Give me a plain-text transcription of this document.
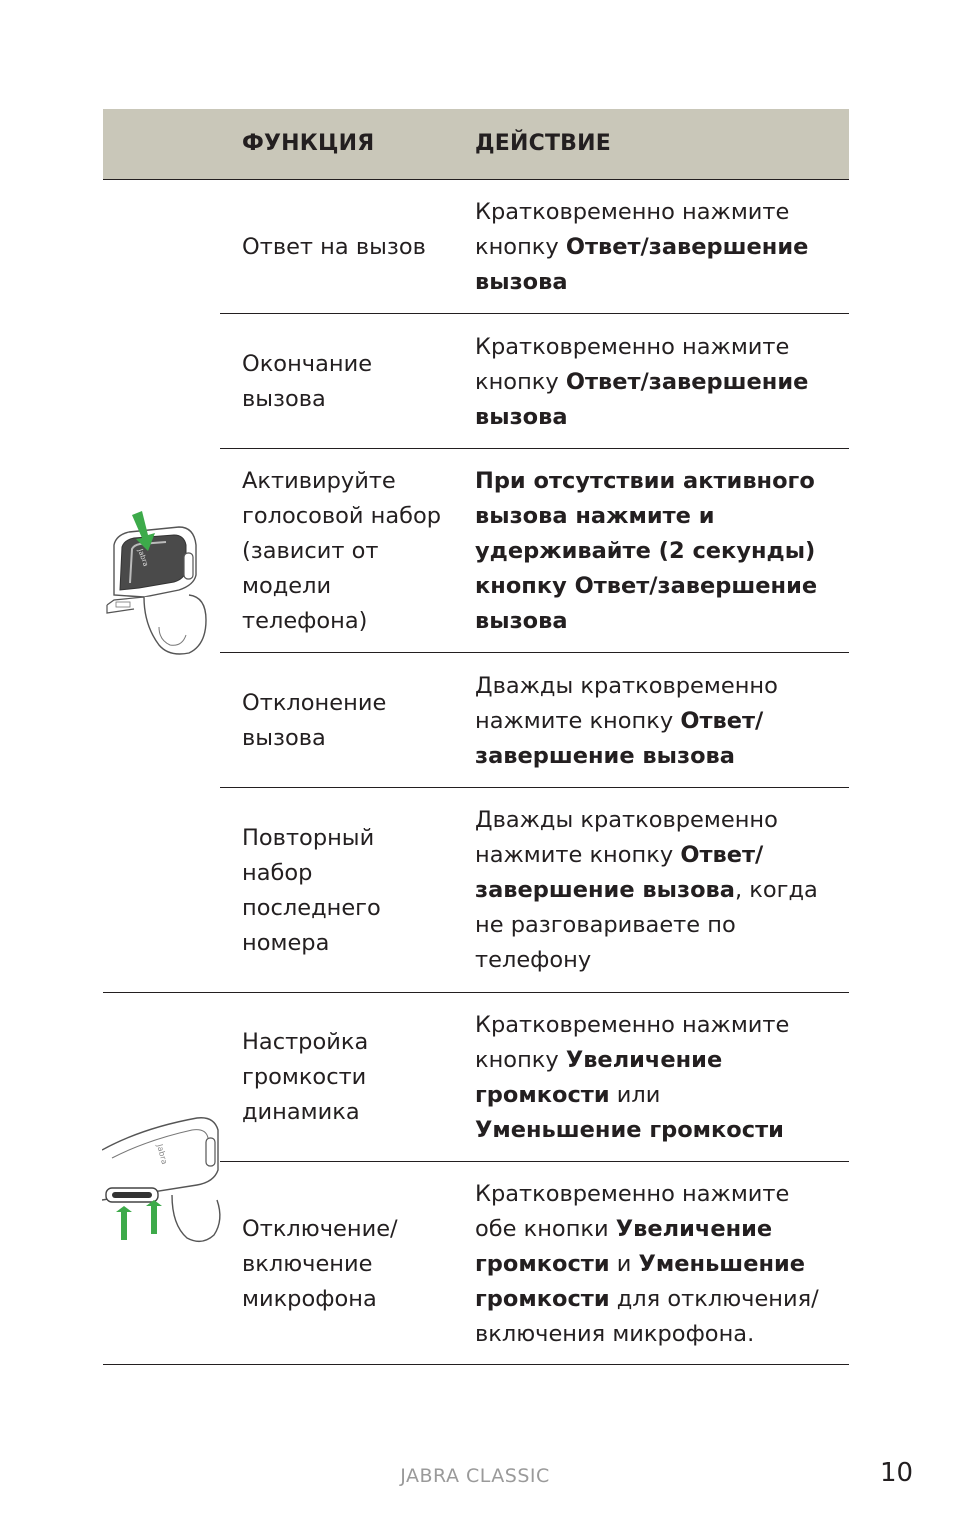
ФУНКЦИЯ	ДЕЙСТВИЕ

Ответ на вызов

Кратковременно нажмите кнопку Ответ/завершение вызова

Окончание вызова

Кратковременно нажмите кнопку Ответ/завершение вызова

Активируйте голосовой набор (зависит от модели телефона)

При отсутствии активного вызова нажмите и удерживайте (2 секунды) кнопку Ответ/завершение вызова

Отклонение вызова

Дважды кратковременно нажмите кнопку Ответ/ завершение вызова

Повторный набор последнего номера

Дважды кратковременно нажмите кнопку Ответ/ завершение вызова, когда не разговариваете по телефону

Настройка громкости динамика

Кратковременно нажмите кнопку Увеличение громкости или Уменьшение громкости

Отключение/ включение микрофона

Кратковременно нажмите обе кнопки Увеличение громкости и Уменьшение громкости для отключения/ включения микрофона.

Jabra
Jabra
JABRA CLASSIC	10
